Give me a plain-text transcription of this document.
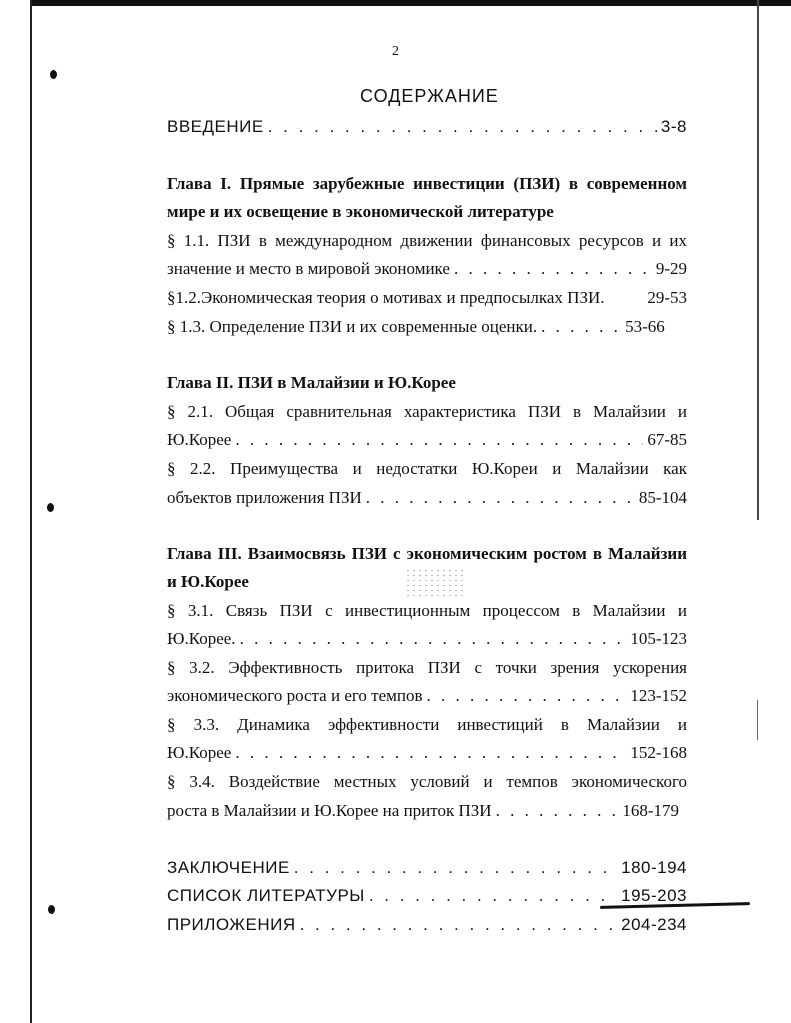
2
СОДЕРЖАНИЕ
ВВЕДЕНИЕ . . .	3-8
Глава I. Прямые зарубежные инвестиции (ПЗИ) в современном
мире и их освещение в экономической литературе
§ 1.1. ПЗИ в международном движении финансовых ресурсов и их
значение и место в мировой экономике . . .	9-29
§1.2.Экономическая теория о мотивах и предпосылках ПЗИ.	29-53
§ 1.3. Определение ПЗИ и их современные оценки. . . .	53-66
Глава II. ПЗИ в Малайзии и Ю.Корее
§ 2.1. Общая сравнительная характеристика ПЗИ в Малайзии и
Ю.Корее . . .	67-85
§ 2.2. Преимущества и недостатки Ю.Кореи и Малайзии как
объектов приложения ПЗИ . . .	85-104
Глава III. Взаимосвязь ПЗИ с экономическим ростом в Малайзии
и Ю.Корее
§ 3.1. Связь ПЗИ с инвестиционным процессом в Малайзии и
Ю.Корее. . . .	105-123
§ 3.2. Эффективность притока ПЗИ с точки зрения ускорения
экономического роста и его темпов . . .	123-152
§ 3.3. Динамика эффективности инвестиций в Малайзии и
Ю.Корее . . .	152-168
§ 3.4. Воздействие местных условий и темпов экономического
роста в Малайзии и Ю.Корее на приток ПЗИ . . .	168-179
ЗАКЛЮЧЕНИЕ . . .	180-194
СПИСОК ЛИТЕРАТУРЫ . . .	195-203
ПРИЛОЖЕНИЯ . . .	204-234
